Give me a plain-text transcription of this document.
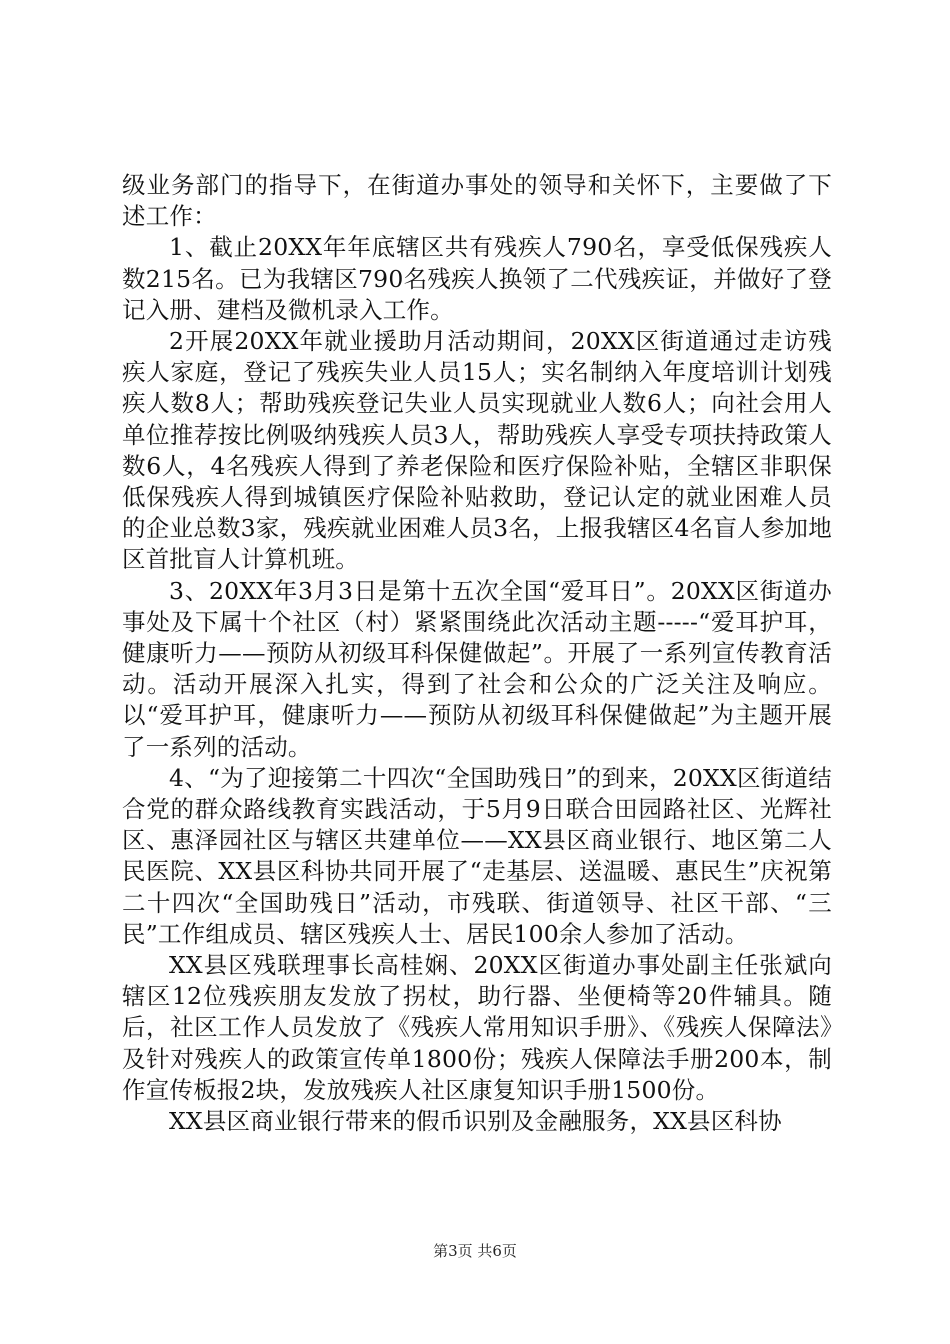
级业务部门的指导下，在街道办事处的领导和关怀下，主要做了下述工作：

1、截止20XX年年底辖区共有残疾人790名，享受低保残疾人数215名。已为我辖区790名残疾人换领了二代残疾证，并做好了登记入册、建档及微机录入工作。

2开展20XX年就业援助月活动期间，20XX区街道通过走访残疾人家庭，登记了残疾失业人员15人；实名制纳入年度培训计划残疾人数8人；帮助残疾登记失业人员实现就业人数6人；向社会用人单位推荐按比例吸纳残疾人员3人，帮助残疾人享受专项扶持政策人数6人，4名残疾人得到了养老保险和医疗保险补贴，全辖区非职保低保残疾人得到城镇医疗保险补贴救助，登记认定的就业困难人员的企业总数3家，残疾就业困难人员3名，上报我辖区4名盲人参加地区首批盲人计算机班。

3、20XX年3月3日是第十五次全国“爱耳日”。20XX区街道办事处及下属十个社区（村）紧紧围绕此次活动主题-----“爱耳护耳，健康听力——预防从初级耳科保健做起”。开展了一系列宣传教育活动。活动开展深入扎实，得到了社会和公众的广泛关注及响应。以“爱耳护耳，健康听力——预防从初级耳科保健做起”为主题开展了一系列的活动。

4、“为了迎接第二十四次“全国助残日”的到来，20XX区街道结合党的群众路线教育实践活动，于5月9日联合田园路社区、光辉社区、惠泽园社区与辖区共建单位——XX县区商业银行、地区第二人民医院、XX县区科协共同开展了“走基层、送温暖、惠民生”庆祝第二十四次“全国助残日”活动，市残联、街道领导、社区干部、“三民”工作组成员、辖区残疾人士、居民100余人参加了活动。

XX县区残联理事长高桂娴、20XX区街道办事处副主任张斌向辖区12位残疾朋友发放了拐杖，助行器、坐便椅等20件辅具。随后，社区工作人员发放了《残疾人常用知识手册》、《残疾人保障法》及针对残疾人的政策宣传单1800份；残疾人保障法手册200本，制作宣传板报2块，发放残疾人社区康复知识手册1500份。

XX县区商业银行带来的假币识别及金融服务，XX县区科协

第3页 共6页
